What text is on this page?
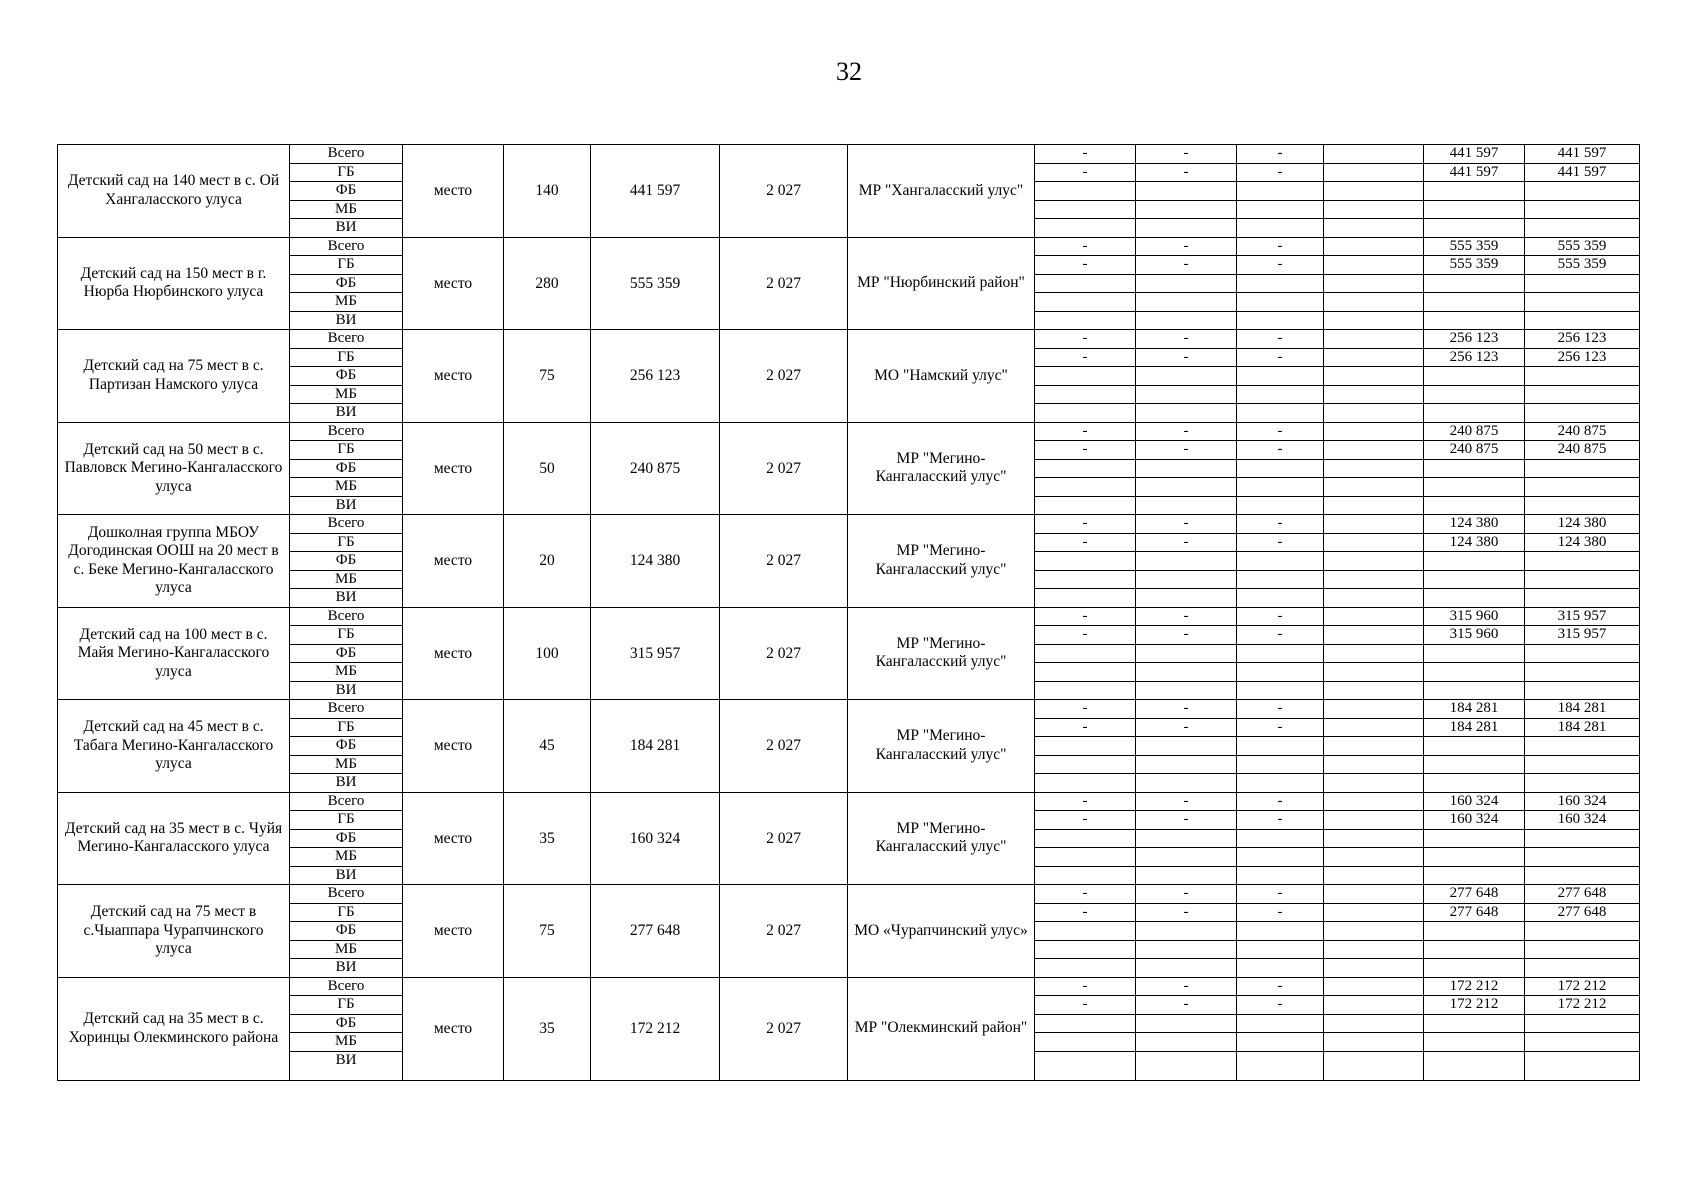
32
Детский сад на 140 мест в с. Ой Хангаласского улуса	Всего	место	140	441 597	2 027	МР "Хангаласский улус"	-	-	-		441 597	441 597
	ГБ						-	-	-		441 597	441 597
	ФБ											
	МБ											
	ВИ											
Детский сад на 150 мест в г. Нюрба Нюрбинского улуса	Всего	место	280	555 359	2 027	МР "Нюрбинский район"	-	-	-		555 359	555 359
	ГБ						-	-	-		555 359	555 359
	ФБ											
	МБ											
	ВИ											
Детский сад на 75 мест в с. Партизан Намского улуса	Всего	место	75	256 123	2 027	МО "Намский улус"	-	-	-		256 123	256 123
	ГБ						-	-	-		256 123	256 123
	ФБ											
	МБ											
	ВИ											
Детский сад на 50 мест в с. Павловск Мегино-Кангаласского улуса	Всего	место	50	240 875	2 027	МР "Мегино-Кангаласский улус"	-	-	-		240 875	240 875
	ГБ						-	-	-		240 875	240 875
	ФБ											
	МБ											
	ВИ											
Дошколная группа МБОУ Догодинская ООШ на 20 мест в с. Беке Мегино-Кангаласского улуса	Всего	место	20	124 380	2 027	МР "Мегино-Кангаласский улус"	-	-	-		124 380	124 380
	ГБ						-	-	-		124 380	124 380
	ФБ											
	МБ											
	ВИ											
Детский сад на 100 мест в с. Майя Мегино-Кангаласского улуса	Всего	место	100	315 957	2 027	МР "Мегино-Кангаласский улус"	-	-	-		315 960	315 957
	ГБ						-	-	-		315 960	315 957
	ФБ											
	МБ											
	ВИ											
Детский сад на 45 мест в с. Табага Мегино-Кангаласского улуса	Всего	место	45	184 281	2 027	МР "Мегино-Кангаласский улус"	-	-	-		184 281	184 281
	ГБ						-	-	-		184 281	184 281
	ФБ											
	МБ											
	ВИ											
Детский сад на 35 мест в с. Чуйя Мегино-Кангаласского улуса	Всего	место	35	160 324	2 027	МР "Мегино-Кангаласский улус"	-	-	-		160 324	160 324
	ГБ						-	-	-		160 324	160 324
	ФБ											
	МБ											
	ВИ											
Детский сад на 75 мест в с.Чыаппара Чурапчинского улуса	Всего	место	75	277 648	2 027	МО «Чурапчинский улус»	-	-	-		277 648	277 648
	ГБ						-	-	-		277 648	277 648
	ФБ											
	МБ											
	ВИ											
Детский сад на 35 мест в с. Хоринцы Олекминского района	Всего	место	35	172 212	2 027	МР "Олекминский район"	-	-	-		172 212	172 212
	ГБ						-	-	-		172 212	172 212
	ФБ											
	МБ											
	ВИ											
